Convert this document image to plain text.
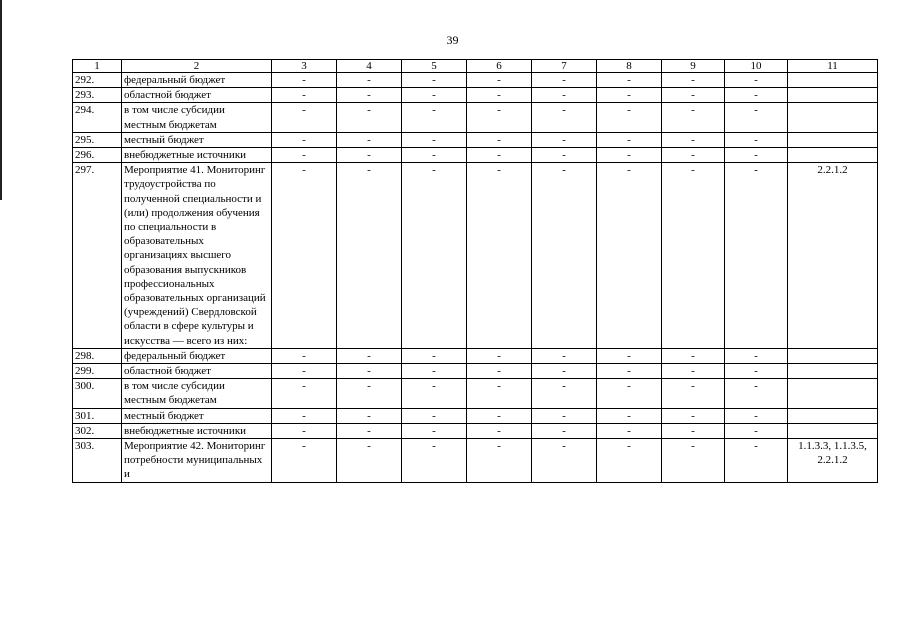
39
1	2	3	4	5	6	7	8	9	10	11
292.	федеральный бюджет	-	-	-	-	-	-	-	-	
293.	областной бюджет	-	-	-	-	-	-	-	-	
294.	в том числе субсидии местным бюджетам	-	-	-	-	-	-	-	-	
295.	местный бюджет	-	-	-	-	-	-	-	-	
296.	внебюджетные источники	-	-	-	-	-	-	-	-	
297.	Мероприятие 41. Мониторинг трудоустройства по полученной специальности и (или) продолжения обучения по специальности в образовательных организациях высшего образования выпускников профессиональных образовательных организаций (учреждений) Свердловской области в сфере культуры и искусства — всего из них:	-	-	-	-	-	-	-	-	2.2.1.2
298.	федеральный бюджет	-	-	-	-	-	-	-	-	
299.	областной бюджет	-	-	-	-	-	-	-	-	
300.	в том числе субсидии местным бюджетам	-	-	-	-	-	-	-	-	
301.	местный бюджет	-	-	-	-	-	-	-	-	
302.	внебюджетные источники	-	-	-	-	-	-	-	-	
303.	Мероприятие 42. Мониторинг потребности муниципальных и	-	-	-	-	-	-	-	-	1.1.3.3, 1.1.3.5, 2.2.1.2
